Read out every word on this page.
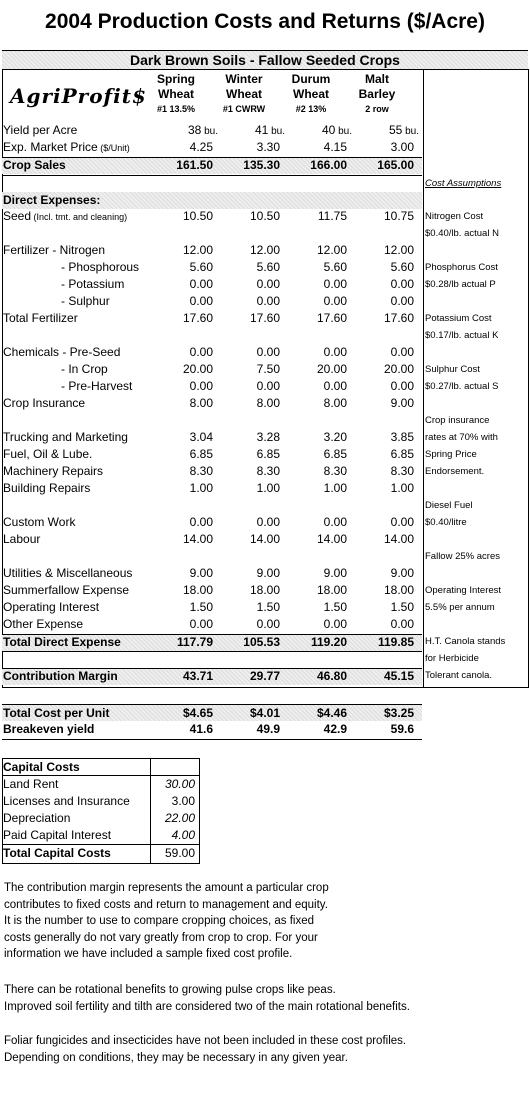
2004 Production Costs and Returns ($/Acre)
Dark Brown Soils - Fallow Seeded Crops
AgriProfit$
Spring
Wheat
#1 13.5%
Winter
Wheat
#1 CWRW
Durum
Wheat
#2 13%
Malt
Barley
2 row
Yield per Acre	38 bu.	41 bu.	40 bu.	55 bu.
Exp. Market Price ($/Unit)	4.25	3.30	4.15	3.00
Crop Sales	161.50	135.30	166.00	165.00
Direct Expenses:
Seed (Incl. tmt. and cleaning)	10.50	10.50	11.75	10.75
Fertilizer - Nitrogen	12.00	12.00	12.00	12.00
- Phosphorous	5.60	5.60	5.60	5.60
- Potassium	0.00	0.00	0.00	0.00
- Sulphur	0.00	0.00	0.00	0.00
Total Fertilizer	17.60	17.60	17.60	17.60
Chemicals - Pre-Seed	0.00	0.00	0.00	0.00
- In Crop	20.00	7.50	20.00	20.00
- Pre-Harvest	0.00	0.00	0.00	0.00
Crop Insurance	8.00	8.00	8.00	9.00
Trucking and Marketing	3.04	3.28	3.20	3.85
Fuel, Oil & Lube.	6.85	6.85	6.85	6.85
Machinery Repairs	8.30	8.30	8.30	8.30
Building Repairs	1.00	1.00	1.00	1.00
Custom Work	0.00	0.00	0.00	0.00
Labour	14.00	14.00	14.00	14.00
Utilities & Miscellaneous	9.00	9.00	9.00	9.00
Summerfallow Expense	18.00	18.00	18.00	18.00
Operating Interest	1.50	1.50	1.50	1.50
Other Expense	0.00	0.00	0.00	0.00
Total Direct Expense	117.79	105.53	119.20	119.85
Contribution Margin	43.71	29.77	46.80	45.15
Total Cost per Unit	$4.65	$4.01	$4.46	$3.25
Breakeven yield	41.6	49.9	42.9	59.6
Cost Assumptions
Nitrogen Cost
$0.40/lb. actual N
Phosphorus Cost
$0.28/lb actual P
Potassium Cost
$0.17/lb. actual K
Sulphur Cost
$0.27/lb. actual S
Crop insurance
rates at 70% with
Spring Price
Endorsement.
Diesel Fuel
$0.40/litre
Fallow 25% acres
Operating Interest
5.5% per annum
H.T. Canola stands
for Herbicide
Tolerant canola.
Capital Costs
Land Rent	30.00
Licenses and Insurance	3.00
Depreciation	22.00
Paid Capital Interest	4.00
Total Capital Costs	59.00
The contribution margin represents the amount a particular crop
contributes to fixed costs and return to management and equity.
It is the number to use to compare cropping choices, as fixed
costs generally do not vary greatly from crop to crop. For your
information we have included a sample fixed cost profile.
There can be rotational benefits to growing pulse crops like peas.
Improved soil fertility and tilth are considered two of the main rotational benefits.
Foliar fungicides and insecticides have not been included in these cost profiles.
Depending on conditions, they may be necessary in any given year.
